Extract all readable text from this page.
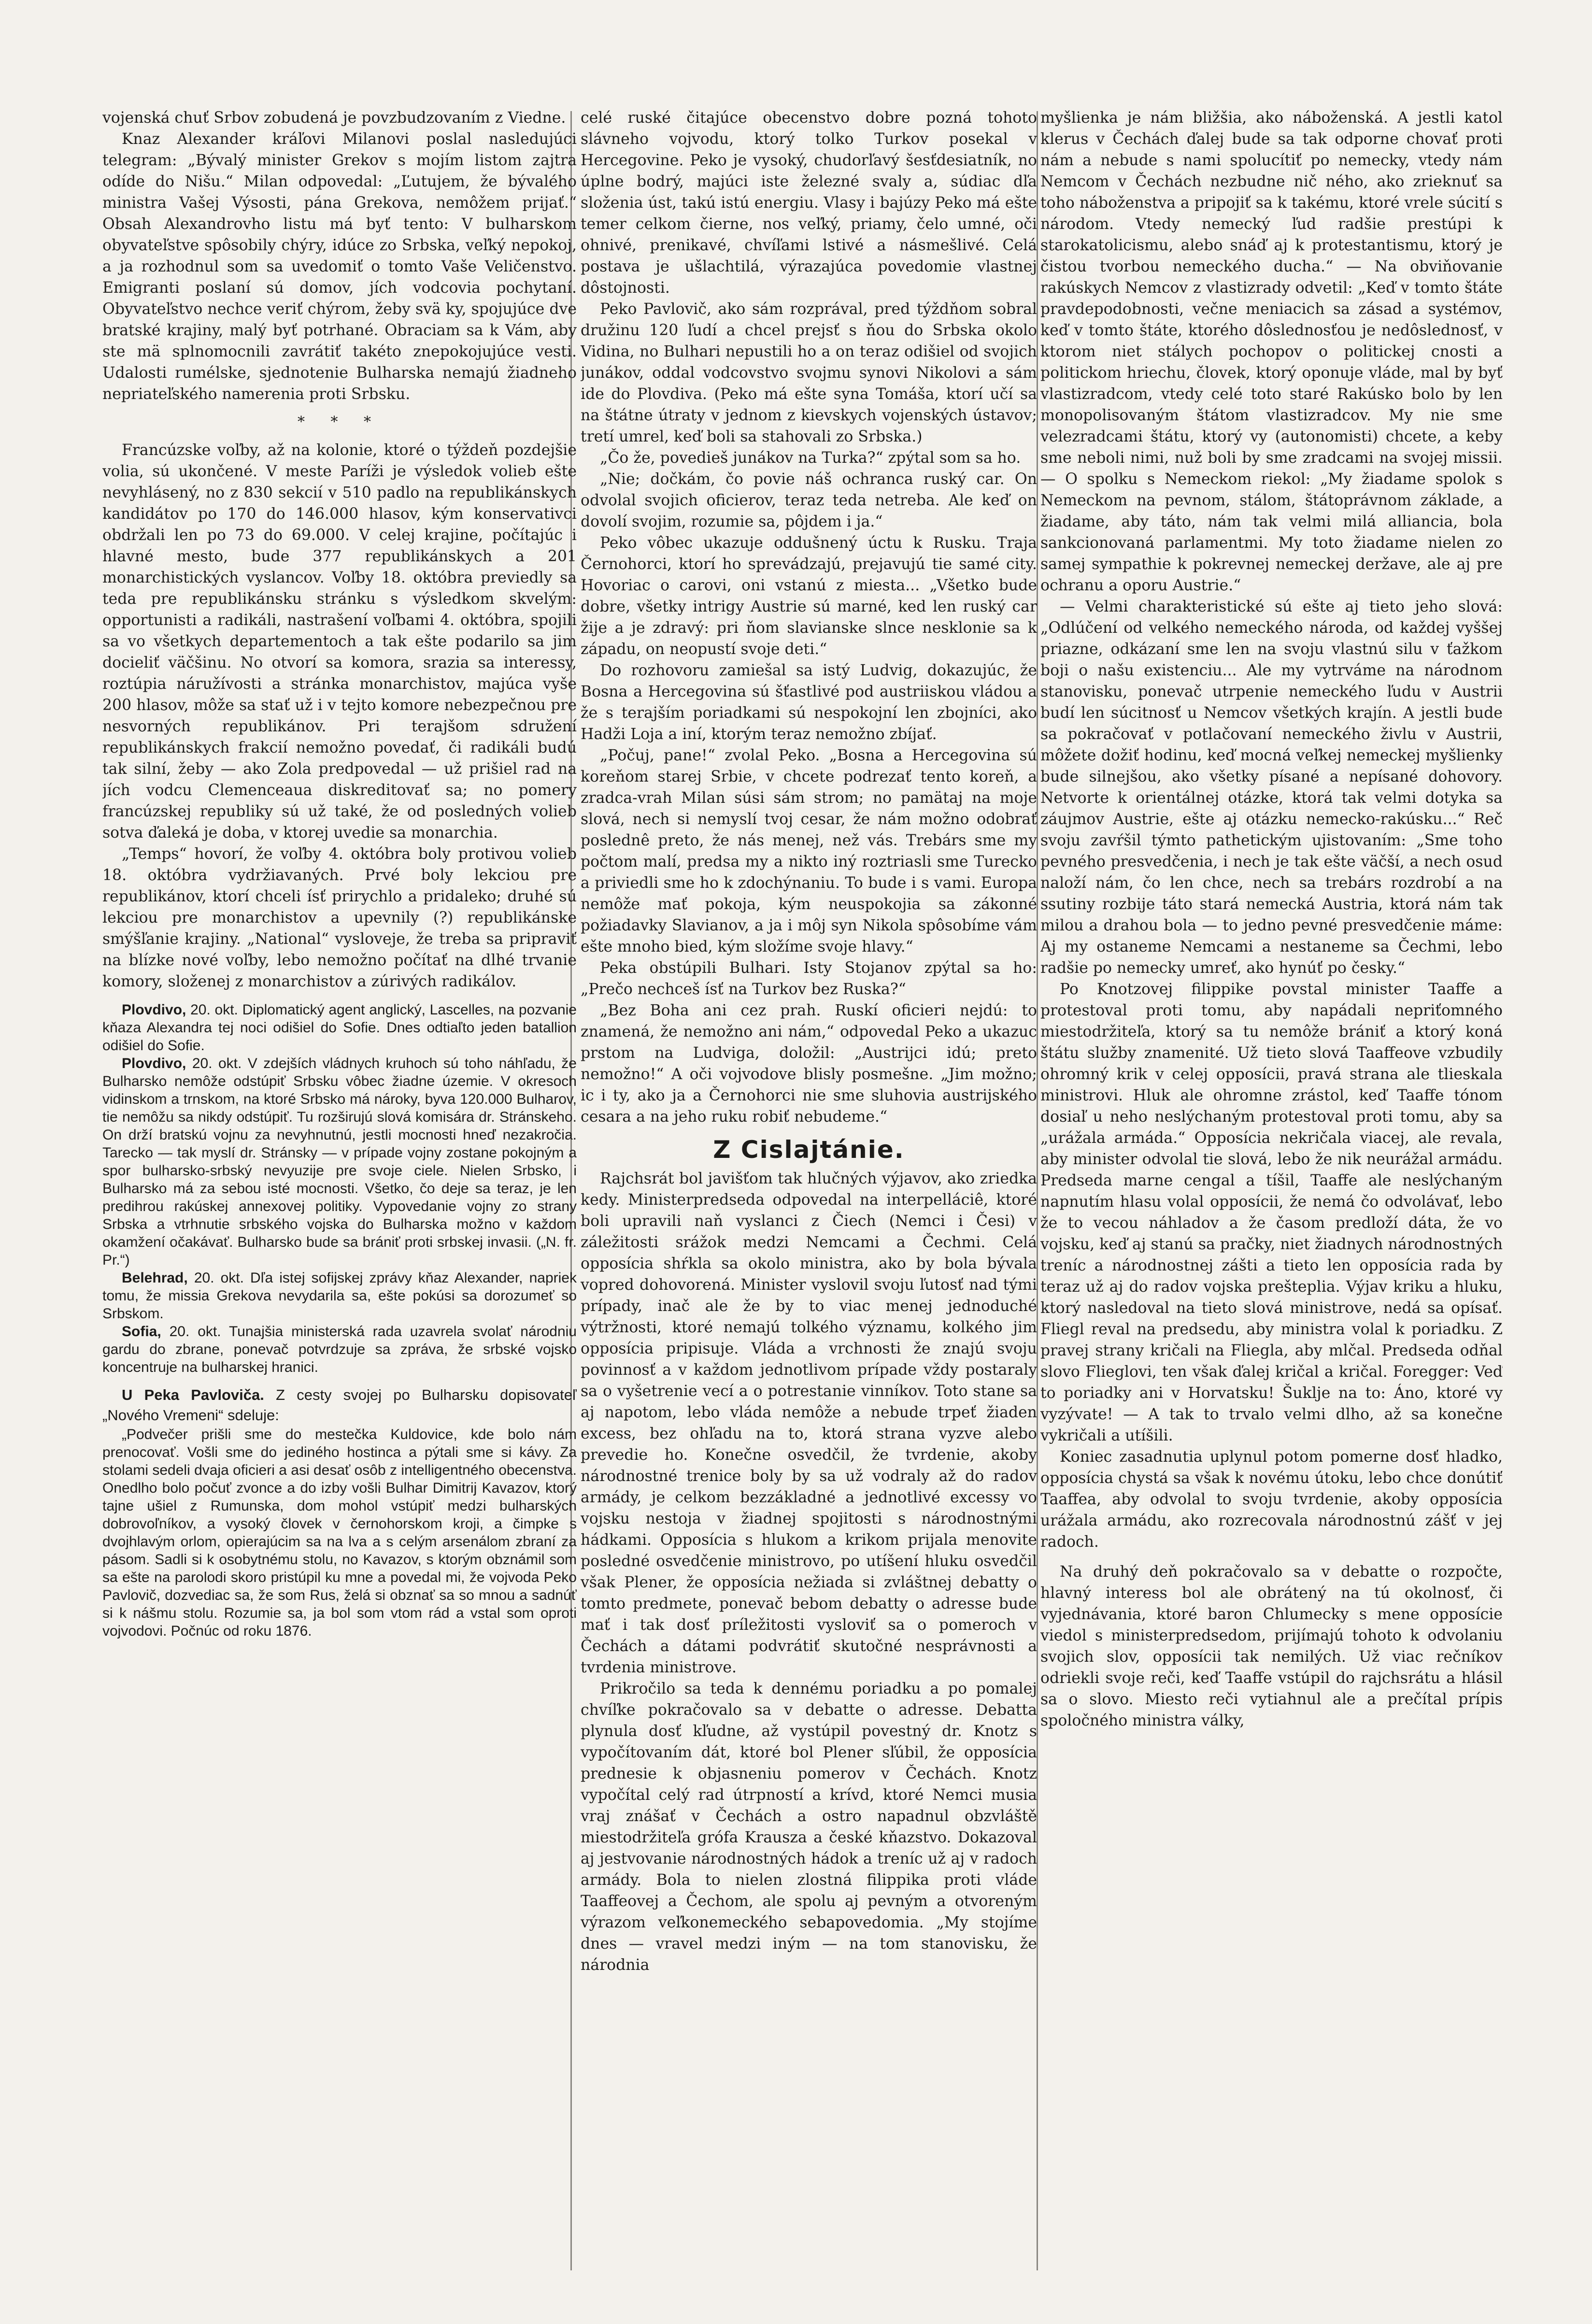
vojenská chuť Srbov zobudená je povzbudzovaním z Viedne.

Knaz Alexander kráľovi Milanovi poslal nasledujúci telegram: „Bývalý minister Grekov s mojím listom zajtra odíde do Nišu.“ Milan odpovedal: „Ľutujem, že bývalého ministra Vašej Výsosti, pána Grekova, nemôžem prijať.“ Obsah Alexandrovho listu má byť tento: V bulharskom obyvateľstve spôsobily chýry, idúce zo Srbska, veľký nepokoj, a ja rozhodnul som sa uvedomiť o tomto Vaše Veličenstvo. Emigranti poslaní sú domov, jích vodcovia pochytaní. Obyvateľstvo nechce veriť chýrom, žeby svä ky, spojujúce dve bratské krajiny, malý byť potrhané. Obraciam sa k Vám, aby ste mä splnomocnili zavrátiť takéto znepokojujúce vesti. Udalosti rumélske, sjednotenie Bulharska nemajú žiadneho nepriateľského namerenia proti Srbsku.

* * *

Francúzske voľby, až na kolonie, ktoré o týždeň pozdejšie volia, sú ukončené. V meste Paríži je výsledok volieb ešte nevyhlásený, no z 830 sekcií v 510 padlo na republikánskych kandidátov po 170 do 146.000 hlasov, kým konservativci obdržali len po 73 do 69.000. V celej krajine, počítajúc i hlavné mesto, bude 377 republikánskych a 201 monarchistických vyslancov. Voľby 18. októbra previedly sa teda pre republikánsku stránku s výsledkom skvelým: opportunisti a radikáli, nastrašení voľbami 4. októbra, spojili sa vo všetkych departementoch a tak ešte podarilo sa jim docieliť väčšinu. No otvorí sa komora, srazia sa interessy, roztúpia náružívosti a stránka monarchistov, majúca vyše 200 hlasov, môže sa stať už i v tejto komore nebezpečnou pre nesvorných republikánov. Pri terajšom sdružení republikánskych frakcií nemožno povedať, či radikáli budú tak silní, žeby — ako Zola predpovedal — už prišiel rad na jích vodcu Clemenceaua diskreditovať sa; no pomery francúzskej republiky sú už také, že od posledných volieb sotva ďaleká je doba, v ktorej uvedie sa monarchia.

„Temps“ hovorí, že voľby 4. októbra boly protivou volieb 18. októbra vydržiavaných. Prvé boly lekciou pre republikánov, ktorí chceli ísť prirychlo a pridaleko; druhé sú lekciou pre monarchistov a upevnily (?) republikánske smýšľanie krajiny. „National“ vysloveje, že treba sa pripraviť na blízke nové voľby, lebo nemožno počítať na dlhé trvanie komory, složenej z monarchistov a zúrivých radikálov.

Plovdivo, 20. okt. Diplomatický agent anglický, Lascelles, na pozvanie kňaza Alexandra tej noci odišiel do Sofie. Dnes odtiaľto jeden batallion odišiel do Sofie.

Plovdivo, 20. okt. V zdejších vládnych kruhoch sú toho náhľadu, že Bulharsko nemôže odstúpiť Srbsku vôbec žiadne územie. V okresoch vidinskom a trnskom, na ktoré Srbsko má nároky, byva 120.000 Bulharov, tie nemôžu sa nikdy odstúpiť. Tu rozširujú slová komisára dr. Stránskeho. On drží bratskú vojnu za nevyhnutnú, jestli mocnosti hneď nezakročia. Tarecko — tak myslí dr. Stránsky — v prípade vojny zostane pokojným a spor bulharsko-srbský nevyuzije pre svoje ciele. Nielen Srbsko, i Bulharsko má za sebou isté mocnosti. Všetko, čo deje sa teraz, je len predihrou rakúskej annexovej politiky. Vypovedanie vojny zo strany Srbska a vtrhnutie srbského vojska do Bulharska možno v každom okamžení očakávať. Bulharsko bude sa brániť proti srbskej invasii. („N. fr. Pr.“)

Belehrad, 20. okt. Dľa istej sofijskej zprávy kňaz Alexander, napriek tomu, že missia Grekova nevydarila sa, ešte pokúsi sa dorozumeť so Srbskom.

Sofia, 20. okt. Tunajšia ministerská rada uzavrela svolať národniu gardu do zbrane, ponevač potvrdzuje sa zpráva, že srbské vojsko koncentruje na bulharskej hranici.

U Peka Pavloviča. Z cesty svojej po Bulharsku dopisovateľ „Nového Vremeni“ sdeluje:

„Podvečer prišli sme do mestečka Kuldovice, kde bolo nám prenocovať. Vošli sme do jediného hostinca a pýtali sme si kávy. Za stolami sedeli dvaja oficieri a asi desať osôb z intelligentného obecenstva. Onedlho bolo počuť zvonce a do izby vošli Bulhar Dimitrij Kavazov, ktorý tajne ušiel z Rumunska, dom mohol vstúpiť medzi bulharských dobrovoľníkov, a vysoký človek v černohorskom kroji, a čimpke s dvojhlavým orlom, opierajúcim sa na lva a s celým arsenálom zbraní za pásom. Sadli si k osobytnému stolu, no Kavazov, s ktorým obznámil som sa ešte na parolodi skoro pristúpil ku mne a povedal mi, že vojvoda Peko Pavlovič, dozvediac sa, že som Rus, želá si obznať sa so mnou a sadnúť si k nášmu stolu. Rozumie sa, ja bol som vtom rád a vstal som oproti vojvodovi. Počnúc od roku 1876.

celé ruské čitajúce obecenstvo dobre pozná tohoto slávneho vojvodu, ktorý tolko Turkov posekal v Hercegovine. Peko je vysoký, chudorľavý šesťdesiatník, no úplne bodrý, majúci iste železné svaly a, súdiac dľa složenia úst, takú istú energiu. Vlasy i bajúzy Peko má ešte temer celkom čierne, nos veľký, priamy, čelo umné, oči ohnivé, prenikavé, chvíľami lstivé a násmešlivé. Celá postava je ušlachtilá, výrazajúca povedomie vlastnej dôstojnosti.

Peko Pavlovič, ako sám rozprával, pred týždňom sobral družinu 120 ľudí a chcel prejsť s ňou do Srbska okolo Vidina, no Bulhari nepustili ho a on teraz odišiel od svojich junákov, oddal vodcovstvo svojmu synovi Nikolovi a sám ide do Plovdiva. (Peko má ešte syna Tomáša, ktorí učí sa na štátne útraty v jednom z kievskych vojenských ústavov; tretí umrel, keď boli sa stahovali zo Srbska.)

„Čo že, povedieš junákov na Turka?“ zpýtal som sa ho.

„Nie; dočkám, čo povie náš ochranca ruský car. On odvolal svojich oficierov, teraz teda netreba. Ale keď on dovolí svojim, rozumie sa, pôjdem i ja.“

Peko vôbec ukazuje oddušnený úctu k Rusku. Traja Černohorci, ktorí ho sprevádzajú, prejavujú tie samé city. Hovoriac o carovi, oni vstanú z miesta... „Všetko bude dobre, všetky intrigy Austrie sú marné, ked len ruský car žije a je zdravý: pri ňom slavianske slnce nesklonie sa k západu, on neopustí svoje deti.“

Do rozhovoru zamiešal sa istý Ludvig, dokazujúc, že Bosna a Hercegovina sú šťastlivé pod austriiskou vládou a že s terajším poriadkami sú nespokojní len zbojníci, ako Hadži Loja a iní, ktorým teraz nemožno zbíjať.

„Počuj, pane!“ zvolal Peko. „Bosna a Hercegovina sú koreňom starej Srbie, v chcete podrezať tento koreň, a zradca-vrah Milan súsi sám strom; no pamätaj na moje slová, nech si nemyslí tvoj cesar, že nám možno odobrať poslednê preto, že nás menej, než vás. Trebárs sme my počtom malí, predsa my a nikto iný roztriasli sme Turecko a priviedli sme ho k zdochýnaniu. To bude i s vami. Europa nemôže mať pokoja, kým neuspokojia sa zákonné požiadavky Slavianov, a ja i môj syn Nikola spôsobíme vám ešte mnoho bied, kým složíme svoje hlavy.“

Peka obstúpili Bulhari. Isty Stojanov zpýtal sa ho: „Prečo nechceš ísť na Turkov bez Ruska?“

„Bez Boha ani cez prah. Ruskí oficieri nejdú: to znamená, že nemožno ani nám,“ odpovedal Peko a ukazuc prstom na Ludviga, doložil: „Austrijci idú; preto nemožno!“ A oči vojvodove blisly posmešne. „Jim možno; ic i ty, ako ja a Černohorci nie sme sluhovia austrijského cesara a na jeho ruku robiť nebudeme.“

Z Cislajtánie.

Rajchsrát bol javišťom tak hlučných výjavov, ako zriedka kedy. Ministerpredseda odpovedal na interpelláciê, ktoré boli upravili naň vyslanci z Čiech (Nemci i Česi) v záležitosti srážok medzi Nemcami a Čechmi. Celá opposícia shŕkla sa okolo ministra, ako by bola bývala vopred dohovorená. Minister vyslovil svoju ľutosť nad tými prípady, inač ale že by to viac menej jednoduché výtržnosti, ktoré nemajú tolkého významu, kolkého jim opposícia pripisuje. Vláda a vrchnosti že znajú svoju povinnosť a v každom jednotlivom prípade vždy postaraly sa o vyšetrenie vecí a o potrestanie vinníkov. Toto stane sa aj napotom, lebo vláda nemôže a nebude trpeť žiaden excess, bez ohľadu na to, ktorá strana vyzve alebo prevedie ho. Konečne osvedčil, že tvrdenie, akoby národnostné trenice boly by sa už vodraly až do radov armády, je celkom bezzákladné a jednotlivé excessy vo vojsku nestoja v žiadnej spojitosti s národnostnými hádkami. Opposícia s hlukom a krikom prijala menovite posledné osvedčenie ministrovo, po utíšení hluku osvedčil však Plener, že opposícia nežiada si zvláštnej debatty o tomto predmete, ponevač bebom debatty o adresse bude mať i tak dosť príležitosti vysloviť sa o pomeroch v Čechách a dátami podvrátiť skutočné nesprávnosti a tvrdenia ministrove.

Prikročilo sa teda k dennému poriadku a po pomalej chvíľke pokračovalo sa v debatte o adresse. Debatta plynula dosť kľudne, až vystúpil povestný dr. Knotz s vypočítovaním dát, ktoré bol Plener sľúbil, že opposícia prednesie k objasneniu pomerov v Čechách. Knotz vypočítal celý rad útrpností a krívd, ktoré Nemci musia vraj znášať v Čechách a ostro napadnul obzvláště miestodržiteľa grófa Krausza a české kňazstvo. Dokazoval aj jestvovanie národnostných hádok a treníc už aj v radoch armády. Bola to nielen zlostná filippika proti vláde Taaffeovej a Čechom, ale spolu aj pevným a otvoreným výrazom veľkonemeckého sebapovedomia. „My stojíme dnes — vravel medzi iným — na tom stanovisku, že národnia

myšlienka je nám bližšia, ako náboženská. A jestli katol klerus v Čechách ďalej bude sa tak odporne chovať proti nám a nebude s nami spolucítiť po nemecky, vtedy nám Nemcom v Čechách nezbudne nič ného, ako zrieknuť sa toho náboženstva a pripojiť sa k takému, ktoré vrele súcití s národom. Vtedy nemecký ľud radšie prestúpi k starokatolicismu, alebo snáď aj k protestantismu, ktorý je čistou tvorbou nemeckého ducha.“ — Na obviňovanie rakúskych Nemcov z vlastizrady odvetil: „Keď v tomto štáte pravdepodobnosti, večne meniacich sa zásad a systémov, keď v tomto štáte, ktorého dôslednosťou je nedôslednosť, v ktorom niet stálych pochopov o politickej cnosti a politickom hriechu, človek, ktorý oponuje vláde, mal by byť vlastizradcom, vtedy celé toto staré Rakúsko bolo by len monopolisovaným štátom vlastizradcov. My nie sme velezradcami štátu, ktorý vy (autonomisti) chcete, a keby sme neboli nimi, nuž boli by sme zradcami na svojej missii. — O spolku s Nemeckom riekol: „My žiadame spolok s Nemeckom na pevnom, stálom, štátoprávnom základe, a žiadame, aby táto, nám tak velmi milá alliancia, bola sankcionovaná parlamentmi. My toto žiadame nielen zo samej sympathie k pokrevnej nemeckej deržave, ale aj pre ochranu a oporu Austrie.“

— Velmi charakteristické sú ešte aj tieto jeho slová: „Odlúčení od velkého nemeckého národa, od každej vyššej priazne, odkázaní sme len na svoju vlastnú silu v ťažkom boji o našu existenciu... Ale my vytrváme na národnom stanovisku, ponevač utrpenie nemeckého ľudu v Austrii budí len súcitnosť u Nemcov všetkých krajín. A jestli bude sa pokračovať v potlačovaní nemeckého živlu v Austrii, môžete dožiť hodinu, keď mocná veľkej nemeckej myšlienky bude silnejšou, ako všetky písané a nepísané dohovory. Netvorte k orientálnej otázke, ktorá tak velmi dotyka sa záujmov Austrie, ešte aj otázku nemecko-rakúsku...“ Reč svoju zavŕšil týmto pathetickým ujistovaním: „Sme toho pevného presvedčenia, i nech je tak ešte väčší, a nech osud naloží nám, čo len chce, nech sa trebárs rozdrobí a na ssutiny rozbije táto stará nemecká Austria, ktorá nám tak milou a drahou bola — to jedno pevné presvedčenie máme: Aj my ostaneme Nemcami a nestaneme sa Čechmi, lebo radšie po nemecky umreť, ako hynúť po česky.“

Po Knotzovej filippike povstal minister Taaffe a protestoval proti tomu, aby napádali nepriťomného miestodržiteľa, ktorý sa tu nemôže brániť a ktorý koná štátu služby znamenité. Už tieto slová Taaffeove vzbudily ohromný krik v celej opposícii, pravá strana ale tlieskala ministrovi. Hluk ale ohromne zrástol, keď Taaffe tónom dosiaľ u neho neslýchaným protestoval proti tomu, aby sa „urážala armáda.“ Opposícia nekričala viacej, ale revala, aby minister odvolal tie slová, lebo že nik neurážal armádu. Predseda marne cengal a tíšil, Taaffe ale neslýchaným napnutím hlasu volal opposícii, že nemá čo odvolávať, lebo že to vecou náhladov a že časom predloží dáta, že vo vojsku, keď aj stanú sa pračky, niet žiadnych národnostných treníc a národnostnej zášti a tieto len opposícia rada by teraz už aj do radov vojska prešteplia. Výjav kriku a hluku, ktorý nasledoval na tieto slová ministrove, nedá sa opísať. Fliegl reval na predsedu, aby ministra volal k poriadku. Z pravej strany kričali na Fliegla, aby mlčal. Predseda odňal slovo Flieglovi, ten však ďalej kričal a kričal. Foregger: Veď to poriadky ani v Horvatsku! Šuklje na to: Áno, ktoré vy vyzývate! — A tak to trvalo velmi dlho, až sa konečne vykričali a utíšili.

Koniec zasadnutia uplynul potom pomerne dosť hladko, opposícia chystá sa však k novému útoku, lebo chce donútiť Taaffea, aby odvolal to svoju tvrdenie, akoby opposícia urážala armádu, ako rozrecovala národnostnú zášť v jej radoch.

Na druhý deň pokračovalo sa v debatte o rozpočte, hlavný interess bol ale obrátený na tú okolnosť, či vyjednávania, ktoré baron Chlumecky s mene opposície viedol s ministerpredsedom, prijímajú tohoto k odvolaniu svojich slov, opposícii tak nemilých. Už viac rečníkov odriekli svoje reči, keď Taaffe vstúpil do rajchsrátu a hlásil sa o slovo. Miesto reči vytiahnul ale a prečítal prípis spoločného ministra války,
